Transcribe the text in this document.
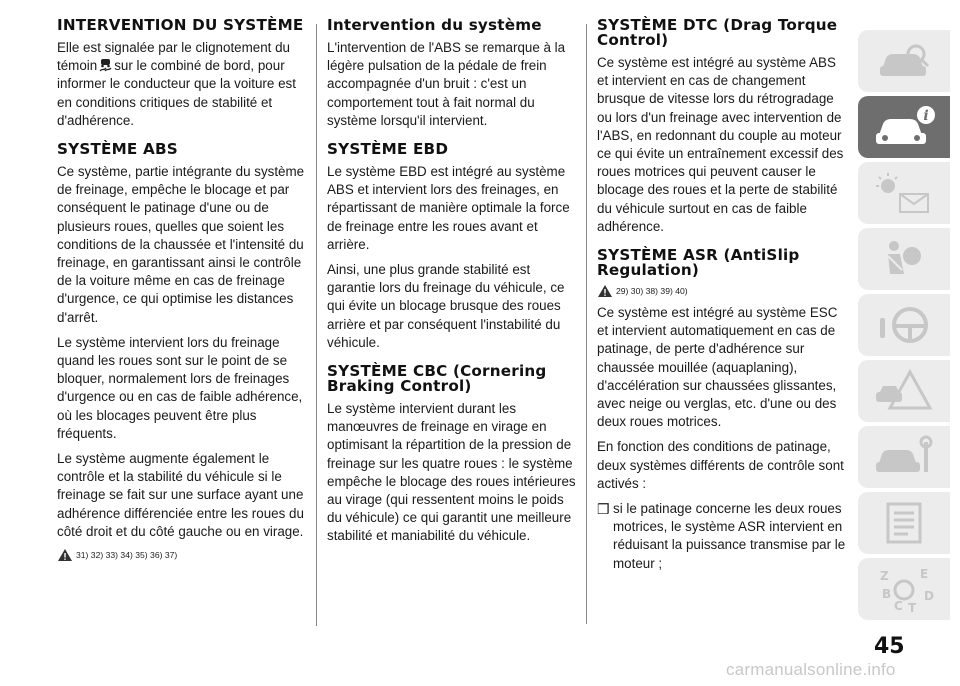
INTERVENTION DU SYSTÈME

Elle est signalée par le clignotement du témoin sur le combiné de bord, pour informer le conducteur que la voiture est en conditions critiques de stabilité et d'adhérence.

SYSTÈME ABS

Ce système, partie intégrante du système de freinage, empêche le blocage et par conséquent le patinage d'une ou de plusieurs roues, quelles que soient les conditions de la chaussée et l'intensité du freinage, en garantissant ainsi le contrôle de la voiture même en cas de freinage d'urgence, ce qui optimise les distances d'arrêt.

Le système intervient lors du freinage quand les roues sont sur le point de se bloquer, normalement lors de freinages d'urgence ou en cas de faible adhérence, où les blocages peuvent être plus fréquents.

Le système augmente également le contrôle et la stabilité du véhicule si le freinage se fait sur une surface ayant une adhérence différenciée entre les roues du côté droit et du côté gauche ou en virage.

31) 32) 33) 34) 35) 36) 37)
Intervention du système

L'intervention de l'ABS se remarque à la légère pulsation de la pédale de frein accompagnée d'un bruit : c'est un comportement tout à fait normal du système lorsqu'il intervient.

SYSTÈME EBD

Le système EBD est intégré au système ABS et intervient lors des freinages, en répartissant de manière optimale la force de freinage entre les roues avant et arrière.

Ainsi, une plus grande stabilité est garantie lors du freinage du véhicule, ce qui évite un blocage brusque des roues arrière et par conséquent l'instabilité du véhicule.

SYSTÈME CBC (Cornering Braking Control)

Le système intervient durant les manœuvres de freinage en virage en optimisant la répartition de la pression de freinage sur les quatre roues : le système empêche le blocage des roues intérieures au virage (qui ressentent moins le poids du véhicule) ce qui garantit une meilleure stabilité et maniabilité du véhicule.

SYSTÈME DTC (Drag Torque Control)

Ce système est intégré au système ABS et intervient en cas de changement brusque de vitesse lors du rétrogradage ou lors d'un freinage avec intervention de l'ABS, en redonnant du couple au moteur ce qui évite un entraînement excessif des roues motrices qui peuvent causer le blocage des roues et la perte de stabilité du véhicule surtout en cas de faible adhérence.

SYSTÈME ASR (AntiSlip Regulation)
29) 30) 38) 39) 40)

Ce système est intégré au système ESC et intervient automatiquement en cas de patinage, de perte d'adhérence sur chaussée mouillée (aquaplaning), d'accélération sur chaussées glissantes, avec neige ou verglas, etc. d'une ou des deux roues motrices.

En fonction des conditions de patinage, deux systèmes différents de contrôle sont activés :

❒ si le patinage concerne les deux roues motrices, le système ASR intervient en réduisant la puissance transmise par le moteur ;
i
Z	E
B	D
C T
45
carmanualsonline.info
